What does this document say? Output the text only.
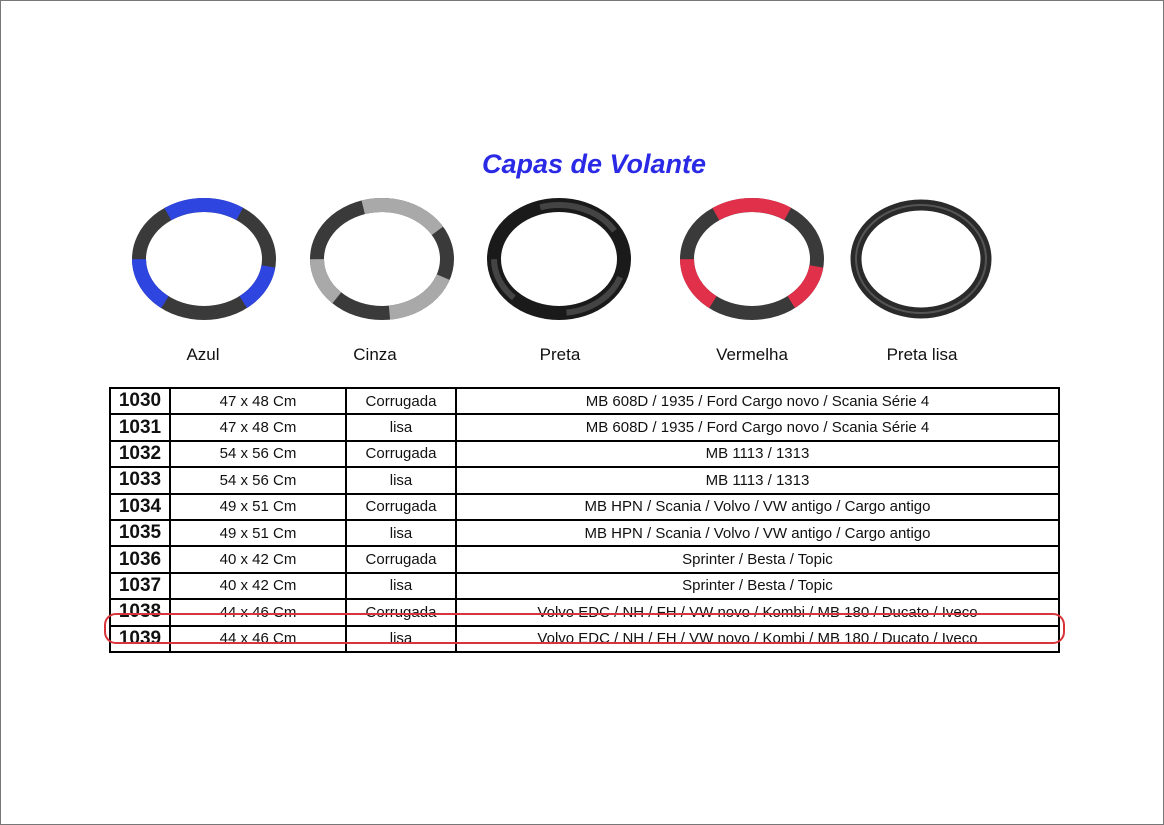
Capas de Volante
Azul	Cinza	Preta	Vermelha	Preta lisa
1030	47 x 48 Cm	Corrugada	MB 608D / 1935 / Ford Cargo novo / Scania Série 4
1031	47 x 48 Cm	lisa	MB 608D / 1935 / Ford Cargo novo / Scania Série 4
1032	54 x 56 Cm	Corrugada	MB 1113 / 1313
1033	54 x 56 Cm	lisa	MB 1113 / 1313
1034	49 x 51 Cm	Corrugada	MB HPN / Scania / Volvo / VW antigo / Cargo antigo
1035	49 x 51 Cm	lisa	MB HPN / Scania / Volvo / VW antigo / Cargo antigo
1036	40 x 42 Cm	Corrugada	Sprinter / Besta / Topic
1037	40 x 42 Cm	lisa	Sprinter / Besta / Topic
1038	44 x 46 Cm	Corrugada	Volvo EDC / NH / FH / VW novo / Kombi / MB 180 / Ducato / Iveco
1039	44 x 46 Cm	lisa	Volvo EDC / NH / FH / VW novo / Kombi / MB 180 / Ducato / Iveco
